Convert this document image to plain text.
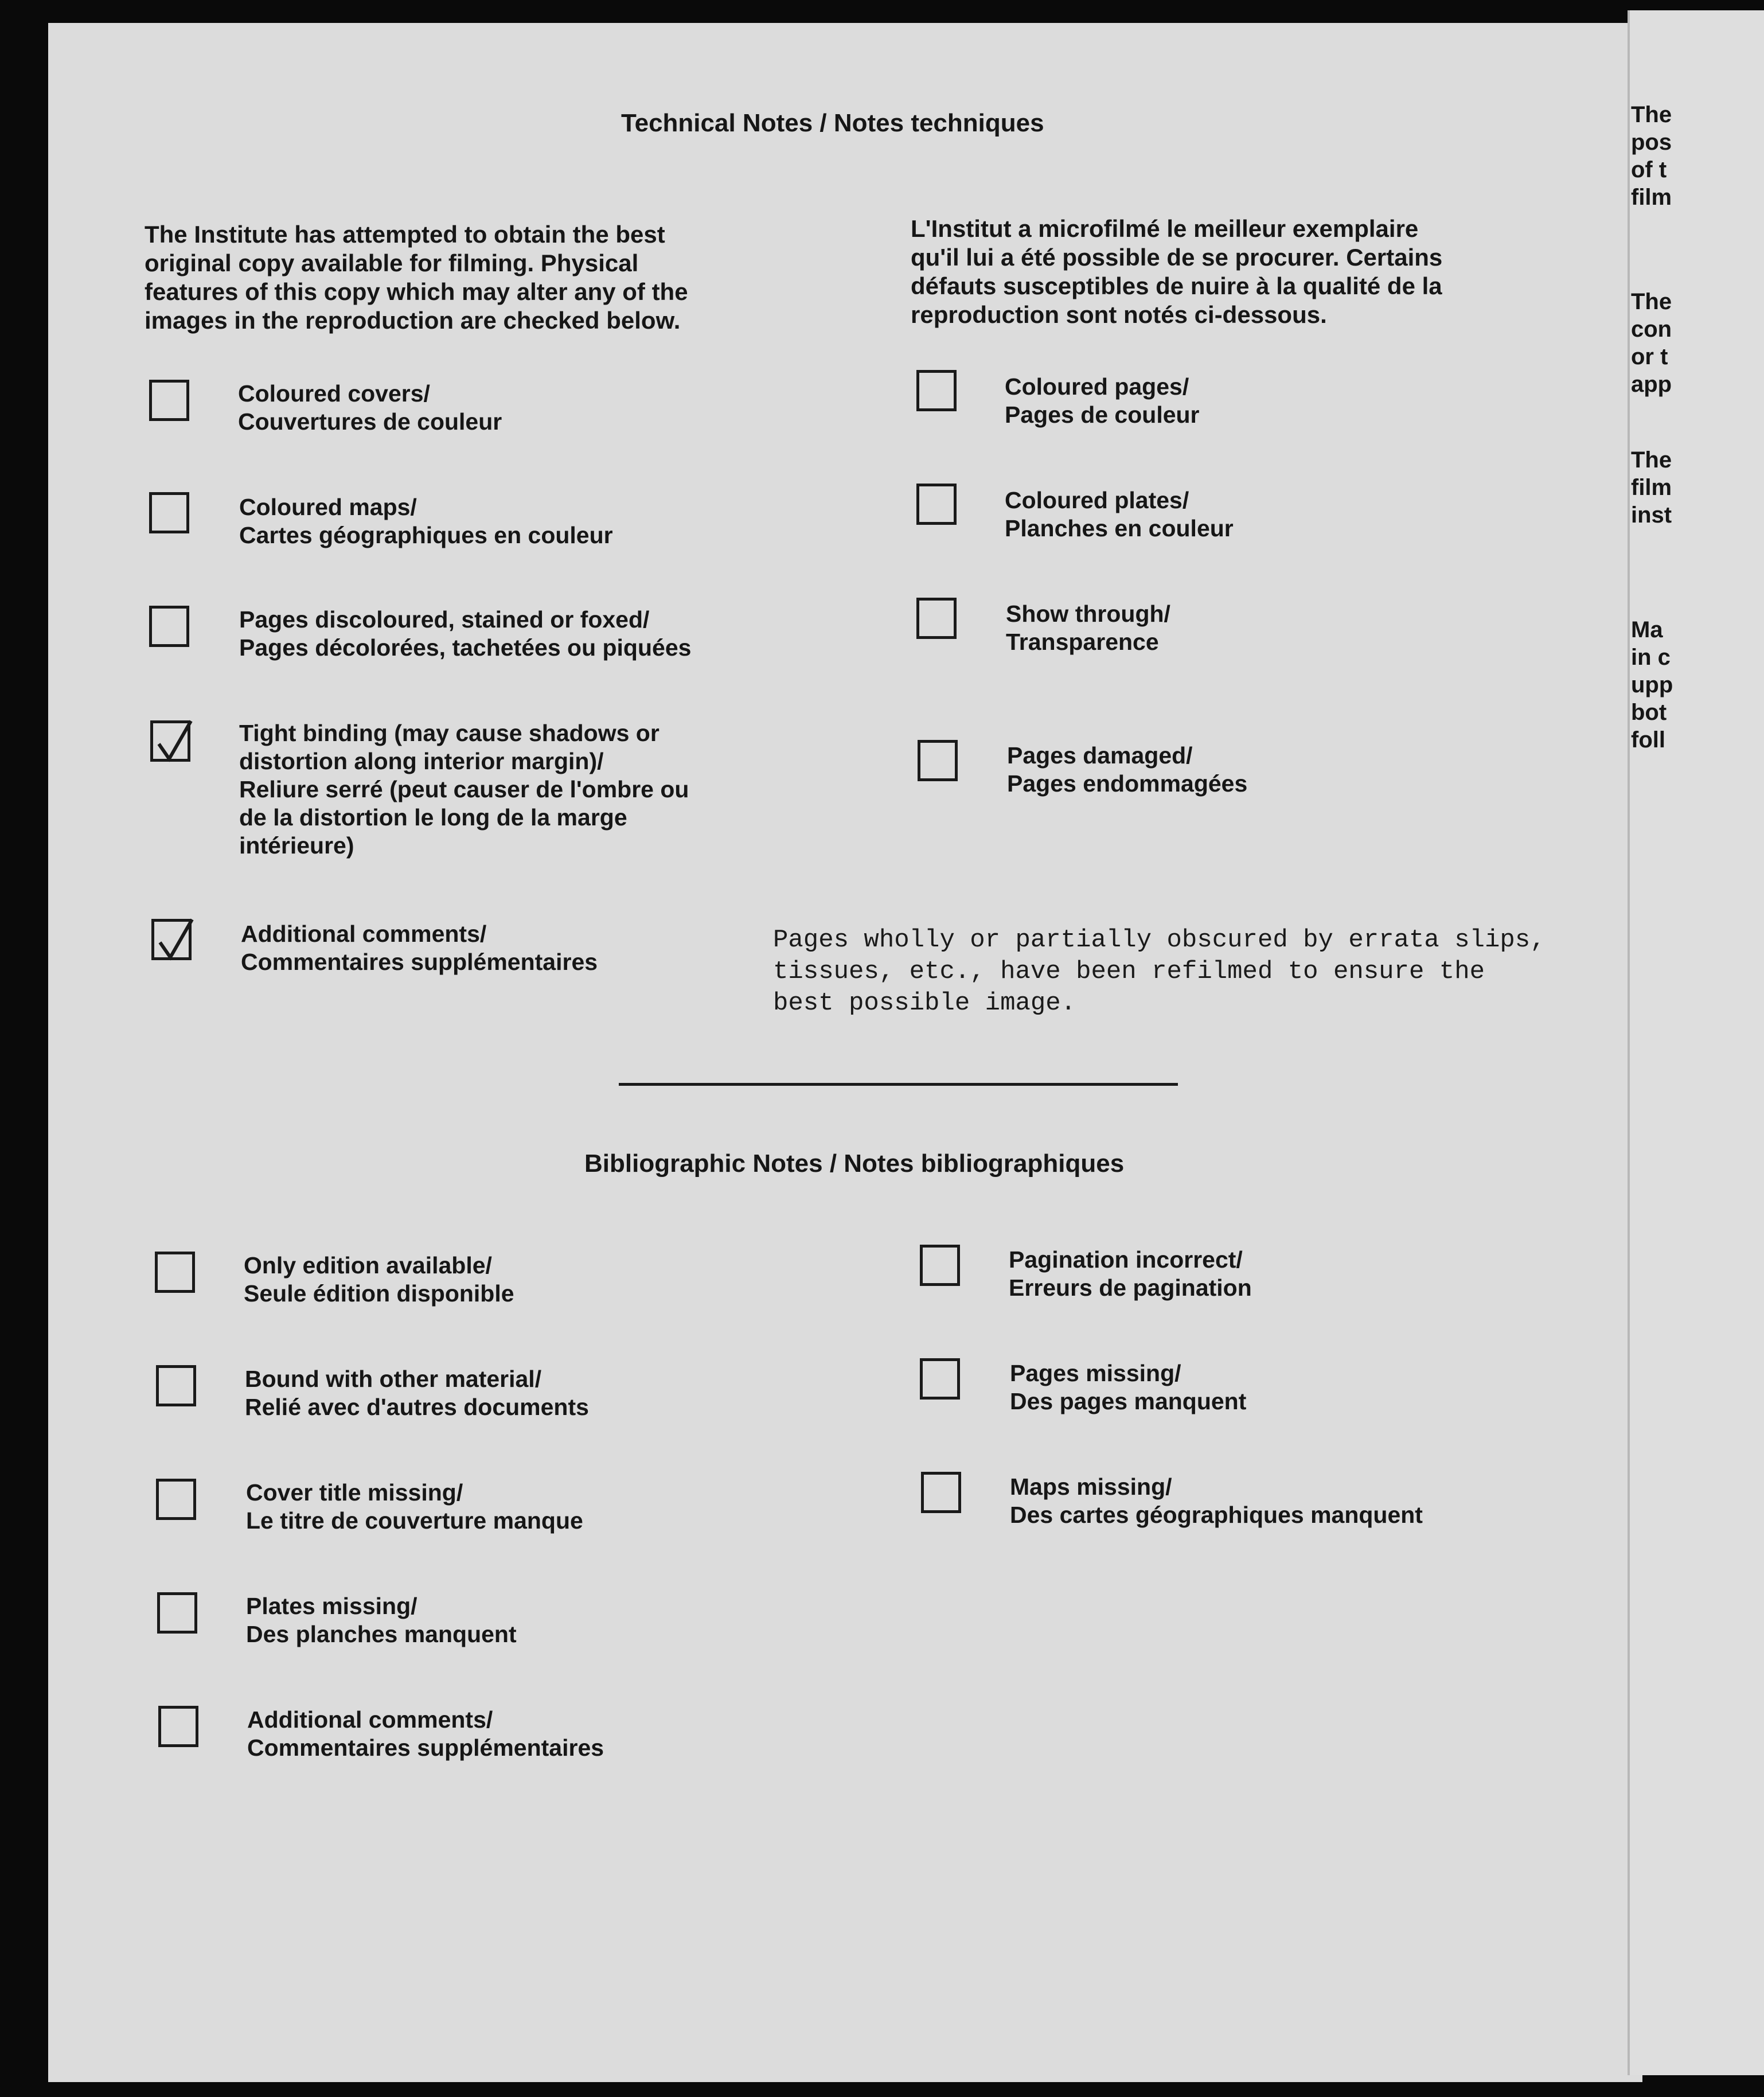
Technical Notes / Notes techniques
The Institute has attempted to obtain the best
original copy available for filming. Physical
features of this copy which may alter any of the
images in the reproduction are checked below.
L'Institut a microfilmé le meilleur exemplaire
qu'il lui a été possible de se procurer. Certains
défauts susceptibles de nuire à la qualité de la
reproduction sont notés ci-dessous.
Coloured covers/
Couvertures de couleur
Coloured maps/
Cartes géographiques en couleur
Pages discoloured, stained or foxed/
Pages décolorées, tachetées ou piquées
Tight binding (may cause shadows or
distortion along interior margin)/
Reliure serré (peut causer de l'ombre ou
de la distortion le long de la marge
intérieure)
Additional comments/
Commentaires supplémentaires
Pages wholly or partially obscured by errata slips,
tissues, etc., have been refilmed to ensure the
best possible image.
Coloured pages/
Pages de couleur
Coloured plates/
Planches en couleur
Show through/
Transparence
Pages damaged/
Pages endommagées
Bibliographic Notes / Notes bibliographiques
Only edition available/
Seule édition disponible
Bound with other material/
Relié avec d'autres documents
Cover title missing/
Le titre de couverture manque
Plates missing/
Des planches manquent
Additional comments/
Commentaires supplémentaires
Pagination incorrect/
Erreurs de pagination
Pages missing/
Des pages manquent
Maps missing/
Des cartes géographiques manquent
The
pos
of t
film
The
con
or t
app
The
film
inst
Ma
in c
upp
bot
foll
